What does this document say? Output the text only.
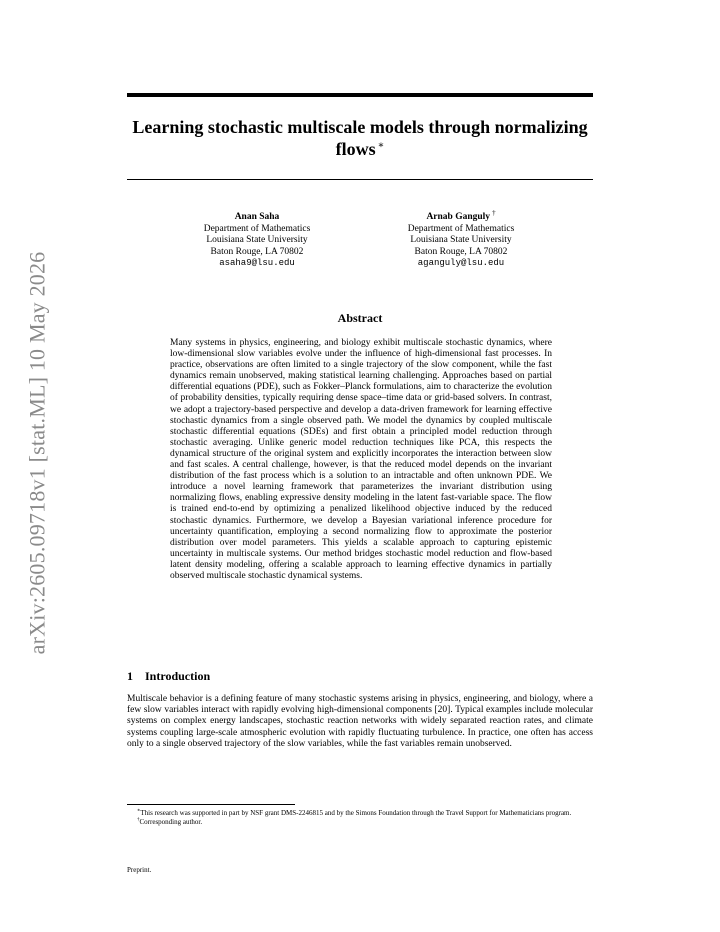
arXiv:2605.09718v1 [stat.ML] 10 May 2026
Learning stochastic multiscale models through normalizing flows ∗
Anan Saha
Department of Mathematics
Louisiana State University
Baton Rouge, LA 70802
asaha9@lsu.edu
Arnab Ganguly †
Department of Mathematics
Louisiana State University
Baton Rouge, LA 70802
aganguly@lsu.edu
Abstract
Many systems in physics, engineering, and biology exhibit multiscale stochastic dynamics, where low-dimensional slow variables evolve under the influence of high-dimensional fast processes. In practice, observations are often limited to a single trajectory of the slow component, while the fast dynamics remain unobserved, making statistical learning challenging. Approaches based on partial differential equations (PDE), such as Fokker–Planck formulations, aim to characterize the evolution of probability densities, typically requiring dense space–time data or grid-based solvers. In contrast, we adopt a trajectory-based perspective and develop a data-driven framework for learning effective stochastic dynamics from a single observed path. We model the dynamics by coupled multiscale stochastic differential equations (SDEs) and first obtain a principled model reduction through stochastic averaging. Unlike generic model reduction techniques like PCA, this respects the dynamical structure of the original system and explicitly incorporates the interaction between slow and fast scales. A central challenge, however, is that the reduced model depends on the invariant distribution of the fast process which is a solution to an intractable and often unknown PDE. We introduce a novel learning framework that parameterizes the invariant distribution using normalizing flows, enabling expressive density modeling in the latent fast-variable space. The flow is trained end-to-end by optimizing a penalized likelihood objective induced by the reduced stochastic dynamics. Furthermore, we develop a Bayesian variational inference procedure for uncertainty quantification, employing a second normalizing flow to approximate the posterior distribution over model parameters. This yields a scalable approach to capturing epistemic uncertainty in multiscale systems. Our method bridges stochastic model reduction and flow-based latent density modeling, offering a scalable approach to learning effective dynamics in partially observed multiscale stochastic dynamical systems.
1 Introduction
Multiscale behavior is a defining feature of many stochastic systems arising in physics, engineering, and biology, where a few slow variables interact with rapidly evolving high-dimensional components [20]. Typical examples include molecular systems on complex energy landscapes, stochastic reaction networks with widely separated reaction rates, and climate systems coupling large-scale atmospheric evolution with rapidly fluctuating turbulence. In practice, one often has access only to a single observed trajectory of the slow variables, while the fast variables remain unobserved.

∗This research was supported in part by NSF grant DMS-2246815 and by the Simons Foundation through the Travel Support for Mathematicians program.

†Corresponding author.

Preprint.
